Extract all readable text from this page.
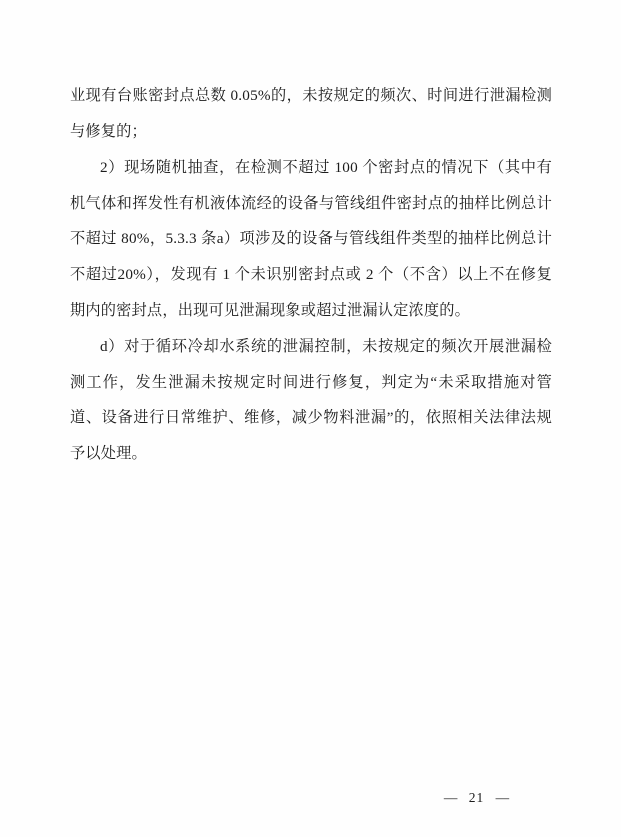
业现有台账密封点总数 0.05%的，未按规定的频次、时间进行泄漏检测与修复的；

2）现场随机抽查，在检测不超过 100 个密封点的情况下（其中有机气体和挥发性有机液体流经的设备与管线组件密封点的抽样比例总计不超过 80%，5.3.3 条a）项涉及的设备与管线组件类型的抽样比例总计不超过20%），发现有 1 个未识别密封点或 2 个（不含）以上不在修复期内的密封点，出现可见泄漏现象或超过泄漏认定浓度的。

d）对于循环冷却水系统的泄漏控制，未按规定的频次开展泄漏检测工作，发生泄漏未按规定时间进行修复，判定为“未采取措施对管道、设备进行日常维护、维修，减少物料泄漏”的，依照相关法律法规予以处理。

— 21 —
